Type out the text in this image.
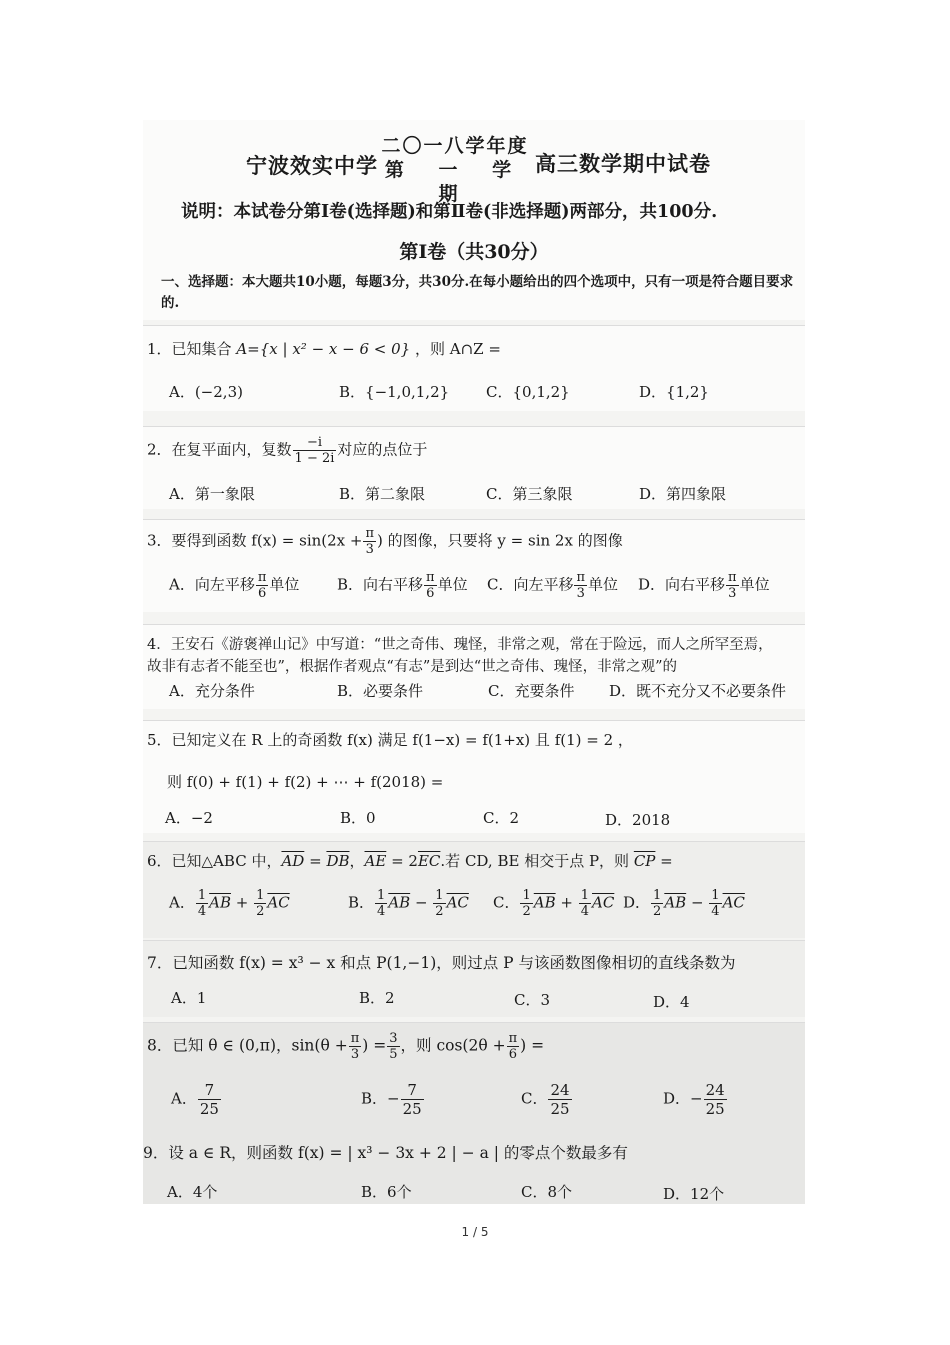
宁波效实中学
二〇一八学年度
第 一 学 期
高三数学期中试卷
说明：本试卷分第Ⅰ卷(选择题)和第Ⅱ卷(非选择题)两部分，共100分.
第Ⅰ卷（共30分）
一、选择题：本大题共10小题，每题3分，共30分.在每小题给出的四个选项中，只有一项是符合题目要求的.
1．已知集合 A={x | x² − x − 6 < 0} ，则 A∩Z =
A．(−2,3)	B．{−1,0,1,2} C．{0,1,2}	D．{1,2}
2．在复平面内，复数 $\frac{-i}{1 - 2i}$ 对应的点位于
A．第一象限	B．第二象限	C．第三象限	D．第四象限
3．要得到函数 $f(x) = \sin(2x + \frac{\pi}{3}$ ) 的图像，只要将 y = sin 2x 的图像
A．向左平移 $\frac{\pi}{6}$ 单位	B．向右平移 $\frac{\pi}{6}$ 单位 C．向左平移 $\frac{\pi}{3}$ 单位 D．向右平移 $\frac{\pi}{3}$ 单位
4．王安石《游褒禅山记》中写道：“世之奇伟、瑰怪，非常之观，常在于险远，而人之所罕至焉，
故非有志者不能至也”，根据作者观点“有志”是到达“世之奇伟、瑰怪，非常之观”的
A．充分条件	B．必要条件	C．充要条件 D．既不充分又不必要条件
5．已知定义在 R 上的奇函数 f(x) 满足 f(1−x) = f(1+x) 且 f(1) = 2 ，
则 f(0) + f(1) + f(2) + ⋯ + f(2018) =
A．−2	B．0	C．2	D．2018
6．已知△ABC 中，$\overline{AD} = \overline{DB}$，$\overline{AE} = 2\overline{EC}$.若 CD, BE 相交于点 P，则 $\overline{CP}$ =
A． $\frac{1}{4} \overline{AB} + \frac{1}{2} \overline{AC}$	B． $\frac{1}{4} \overline{AB} - \frac{1}{2} \overline{AC}$ C． $\frac{1}{2} \overline{AB} + \frac{1}{4} \overline{AC}$ D． $\frac{1}{2} \overline{AB} - \frac{1}{4} \overline{AC}$
7．已知函数 f(x) = x³ − x 和点 P(1,−1)，则过点 P 与该函数图像相切的直线条数为
A．1	B．2	C．3	D．4
8．已知 θ ∈ (0,π)，$\sin(\theta + \frac{\pi}{3}$ ) = $\frac{3}{5}$ ，则 $\cos(2\theta + \frac{\pi}{6}$ ) =
A． $\frac{7}{25}$	B．− $\frac{7}{25}$	C． $\frac{24}{25}$	D．− $\frac{24}{25}$
9．设 a ∈ R，则函数 f(x) = | x³ − 3x + 2 | − a | 的零点个数最多有
A．4个	B．6个	C．8个	D．12个
1 / 5
